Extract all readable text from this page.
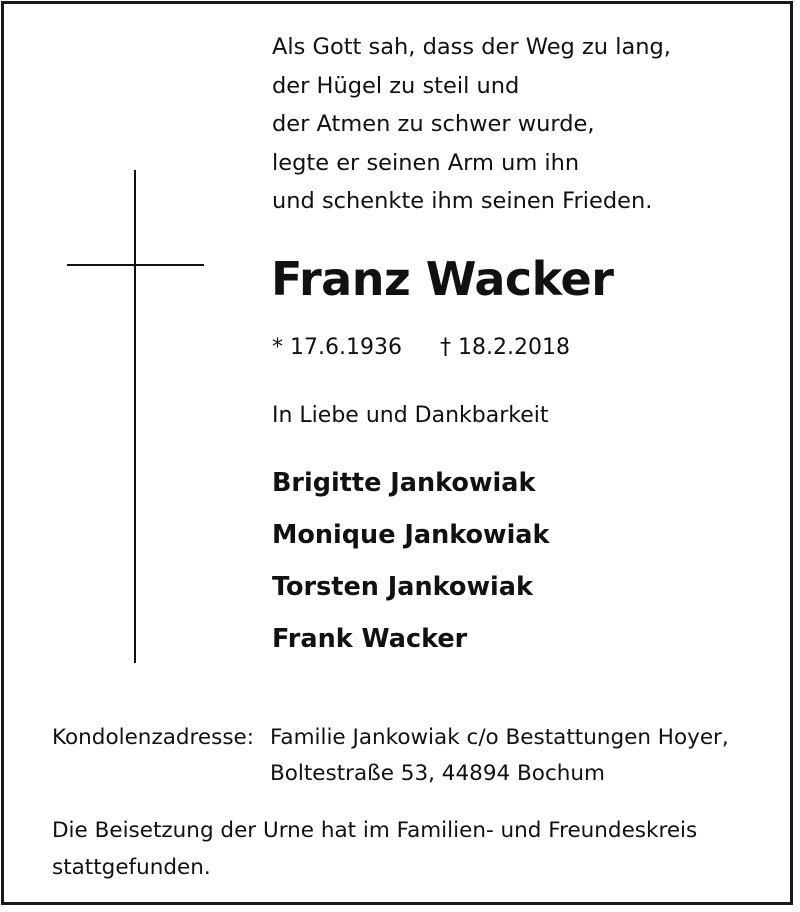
Als Gott sah, dass der Weg zu lang,
der Hügel zu steil und
der Atmen zu schwer wurde,
legte er seinen Arm um ihn
und schenkte ihm seinen Frieden.
Franz Wacker
* 17.6.1936 † 18.2.2018
In Liebe und Dankbarkeit
Brigitte Jankowiak
Monique Jankowiak
Torsten Jankowiak
Frank Wacker
Kondolenzadresse: Familie Jankowiak c/o Bestattungen Hoyer,
Boltestraße 53, 44894 Bochum
Die Beisetzung der Urne hat im Familien- und Freundeskreis stattgefunden.
